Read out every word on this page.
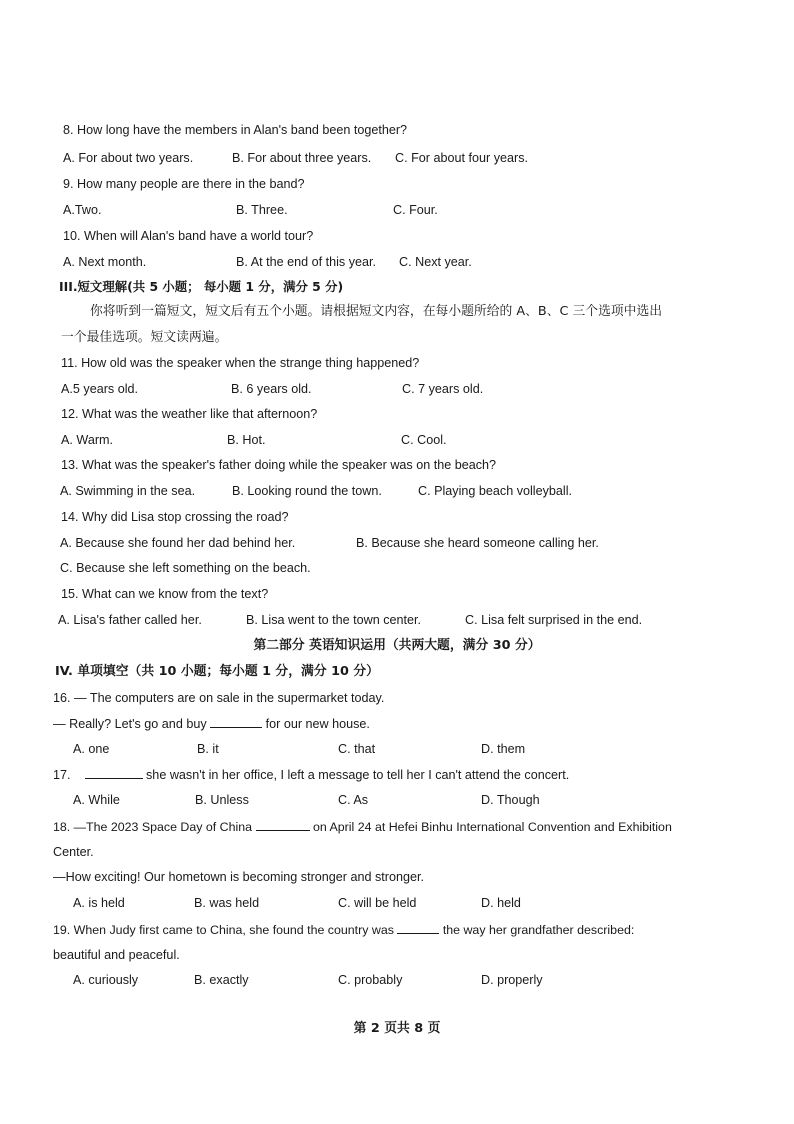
8. How long have the members in Alan's band been together?
A. For about two years.	B. For about three years. C. For about four years.
9. How many people are there in the band?
A.Two.	B. Three.	C. Four.
10. When will Alan's band have a world tour?
A. Next month.	B. At the end of this year. C. Next year.
III.短文理解(共 5 小题； 每小题 1 分，满分 5 分)
你将听到一篇短文，短文后有五个小题。请根据短文内容，在每小题所给的 A、B、C 三个选项中选出
一个最佳选项。短文读两遍。
11. How old was the speaker when the strange thing happened?
A.5 years old.	B. 6 years old.	C. 7 years old.
12. What was the weather like that afternoon?
A. Warm.	B. Hot.	C. Cool.
13. What was the speaker's father doing while the speaker was on the beach?
A. Swimming in the sea.	B. Looking round the town.	C. Playing beach volleyball.
14. Why did Lisa stop crossing the road?
A. Because she found her dad behind her.	B. Because she heard someone calling her.
C. Because she left something on the beach.
15. What can we know from the text?
A. Lisa's father called her.	B. Lisa went to the town center.	C. Lisa felt surprised in the end.
第二部分 英语知识运用（共两大题，满分 30 分）
IV. 单项填空（共 10 小题；每小题 1 分，满分 10 分）
16. — The computers are on sale in the supermarket today.
— Really? Let's go and buy	for our new house.
A. one	B. it	C. that	D. them
17.	she wasn't in her office, I left a message to tell her I can't attend the concert.
A. While	B. Unless	C. As	D. Though
18. —The 2023 Space Day of China	on April 24 at Hefei Binhu International Convention and Exhibition
Center.
—How exciting! Our hometown is becoming stronger and stronger.
A. is held	B. was held	C. will be held	D. held
19. When Judy first came to China, she found the country was	the way her grandfather described:
beautiful and peaceful.
A. curiously	B. exactly	C. probably	D. properly
第 2 页共 8 页
